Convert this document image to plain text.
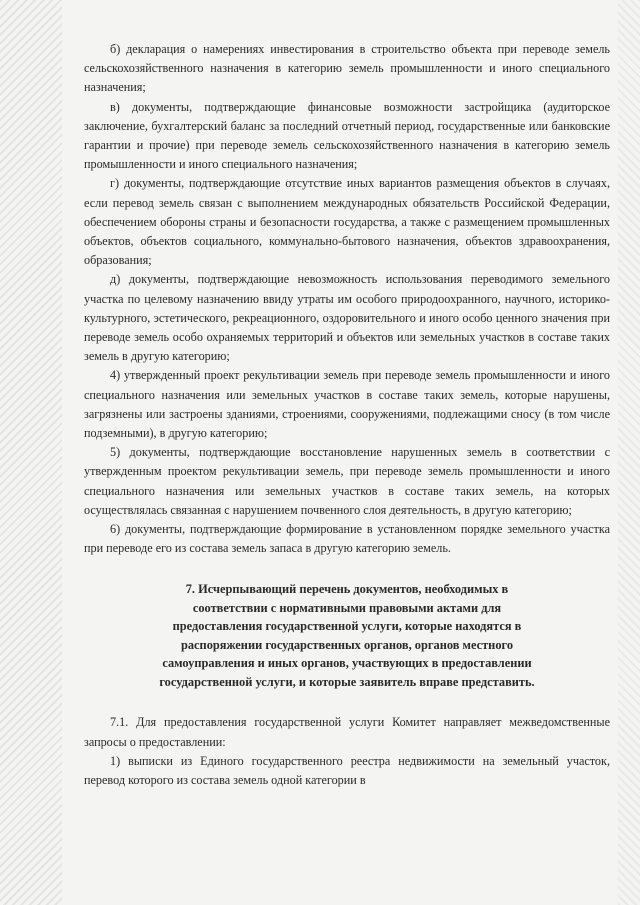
б) декларация о намерениях инвестирования в строительство объекта при переводе земель сельскохозяйственного назначения в категорию земель промышленности и иного специального назначения;

в) документы, подтверждающие финансовые возможности застройщика (аудиторское заключение, бухгалтерский баланс за последний отчетный период, государственные или банковские гарантии и прочие) при переводе земель сельскохозяйственного назначения в категорию земель промышленности и иного специального назначения;

г) документы, подтверждающие отсутствие иных вариантов размещения объектов в случаях, если перевод земель связан с выполнением международных обязательств Российской Федерации, обеспечением обороны страны и безопасности государства, а также с размещением промышленных объектов, объектов социального, коммунально-бытового назначения, объектов здравоохранения, образования;

д) документы, подтверждающие невозможность использования переводимого земельного участка по целевому назначению ввиду утраты им особого природоохранного, научного, историко-культурного, эстетического, рекреационного, оздоровительного и иного особо ценного значения при переводе земель особо охраняемых территорий и объектов или земельных участков в составе таких земель в другую категорию;

4) утвержденный проект рекультивации земель при переводе земель промышленности и иного специального назначения или земельных участков в составе таких земель, которые нарушены, загрязнены или застроены зданиями, строениями, сооружениями, подлежащими сносу (в том числе подземными), в другую категорию;

5) документы, подтверждающие восстановление нарушенных земель в соответствии с утвержденным проектом рекультивации земель, при переводе земель промышленности и иного специального назначения или земельных участков в составе таких земель, на которых осуществлялась связанная с нарушением почвенного слоя деятельность, в другую категорию;

6) документы, подтверждающие формирование в установленном порядке земельного участка при переводе его из состава земель запаса в другую категорию земель.

7. Исчерпывающий перечень документов, необходимых в

соответствии с нормативными правовыми актами для

предоставления государственной услуги, которые находятся в

распоряжении государственных органов, органов местного

самоуправления и иных органов, участвующих в предоставлении

государственной услуги, и которые заявитель вправе представить.

7.1. Для предоставления государственной услуги Комитет направляет межведомственные запросы о предоставлении:

1) выписки из Единого государственного реестра недвижимости на земельный участок, перевод которого из состава земель одной категории в
